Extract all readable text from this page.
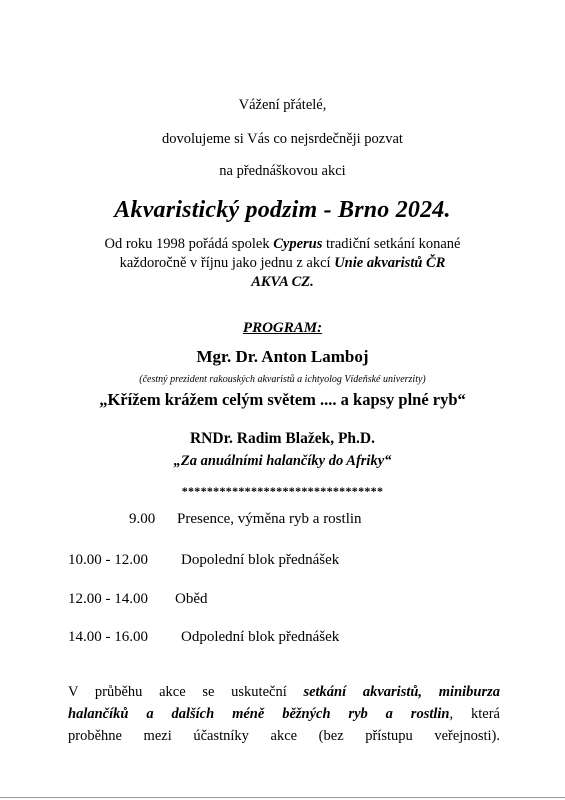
Vážení přátelé,
dovolujeme si Vás co nejsrdečněji pozvat
na přednáškovou akci
Akvaristický podzim - Brno 2024.
Od roku 1998 pořádá spolek Cyperus tradiční setkání konané
každoročně v říjnu jako jednu z akcí Unie akvaristů ČR
AKVA CZ.
PROGRAM:
Mgr. Dr. Anton Lamboj
(čestný prezident rakouských akvaristů a ichtyolog Vídeňské univerzity)
„Křížem krážem celým světem .... a kapsy plné ryb“
RNDr. Radim Blažek, Ph.D.
„Za anuálními halančíky do Afriky“
********************************
9.00 Presence, výměna ryb a rostlin
10.00 - 12.00 Dopolední blok přednášek
12.00 - 14.00 Oběd
14.00 - 16.00 Odpolední blok přednášek
V průběhu akce se uskuteční setkání akvaristů, miniburza
halančíků a dalších méně běžných ryb a rostlin, která
proběhne mezi účastníky akce (bez přístupu veřejnosti).
